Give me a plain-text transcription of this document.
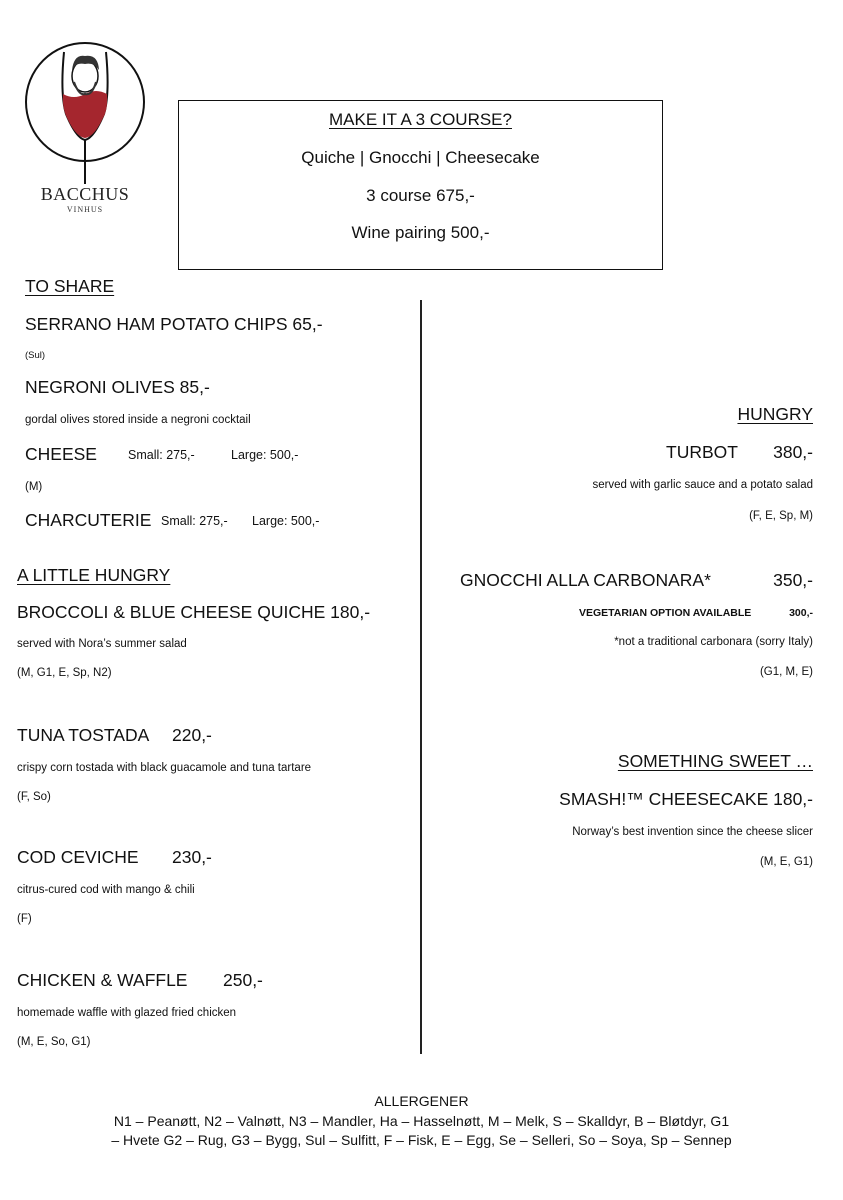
BACCHUS
VINHUS
MAKE IT A 3 COURSE?
Quiche | Gnocchi | Cheesecake
3 course 675,-
Wine pairing 500,-
TO SHARE
SERRANO HAM POTATO CHIPS 65,-
(Sul)
NEGRONI OLIVES 85,-
gordal olives stored inside a negroni cocktail
CHEESE Small: 275,-	Large: 500,-
(M)
CHARCUTERIE Small: 275,- Large: 500,-
A LITTLE HUNGRY
BROCCOLI & BLUE CHEESE QUICHE 180,-
served with Nora’s summer salad
(M, G1, E, Sp, N2)
TUNA TOSTADA 220,-
crispy corn tostada with black guacamole and tuna tartare
(F, So)
COD CEVICHE 230,-
citrus-cured cod with mango & chili
(F)
CHICKEN & WAFFLE 250,-
homemade waffle with glazed fried chicken
(M, E, So, G1)
HUNGRY
TURBOT 380,-
served with garlic sauce and a potato salad
(F, E, Sp, M)
GNOCCHI ALLA CARBONARA*	350,-
VEGETARIAN OPTION AVAILABLE	300,-
*not a traditional carbonara (sorry Italy)
(G1, M, E)
SOMETHING SWEET …
SMASH!™ CHEESECAKE 180,-
Norway’s best invention since the cheese slicer
(M, E, G1)
ALLERGENER
N1 – Peanøtt, N2 – Valnøtt, N3 – Mandler, Ha – Hasselnøtt, M – Melk, S – Skalldyr, B – Bløtdyr, G1
– Hvete G2 – Rug, G3 – Bygg, Sul – Sulfitt, F – Fisk, E – Egg, Se – Selleri, So – Soya, Sp – Sennep
